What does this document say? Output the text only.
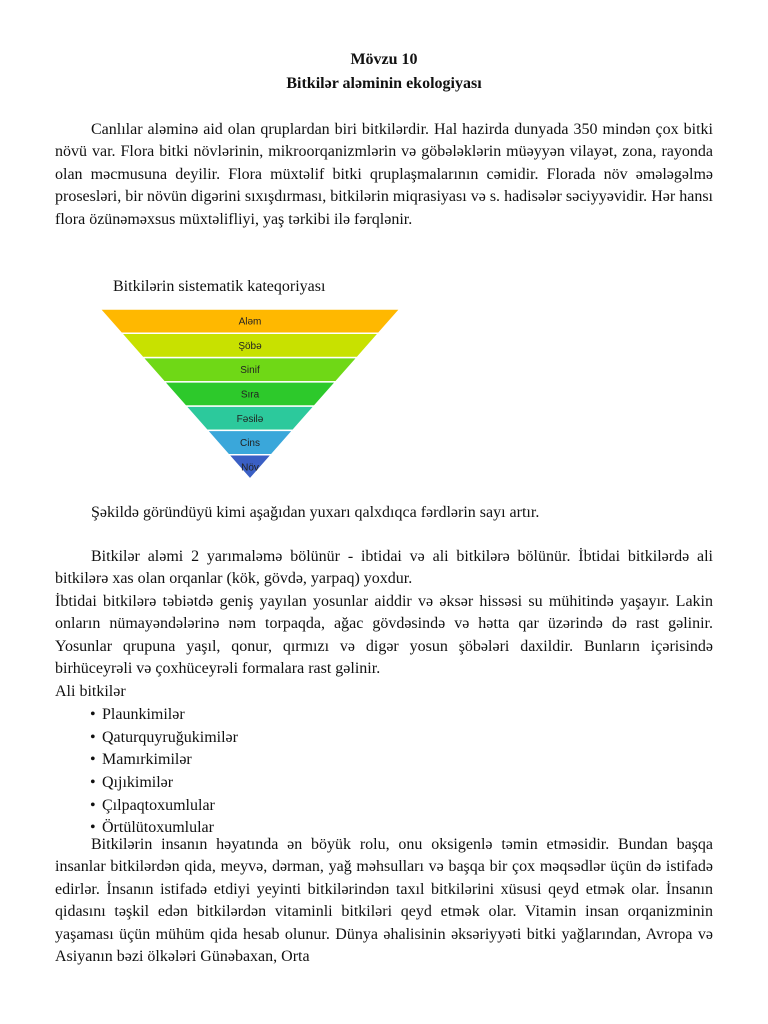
Mövzu 10
Bitkilər aləminin ekologiyası

Canlılar aləminə aid olan qruplardan biri bitkilərdir. Hal hazirda dunyada 350 mindən çox bitki növü var. Flora bitki növlərinin, mikroorqanizmlərin və göbələklərin müəyyən vilayət, zona, rayonda olan məcmusuna deyilir. Flora müxtəlif bitki qruplaşmalarının cəmidir. Florada növ əmələgəlmə prosesləri, bir növün digərini sıxışdırması, bitkilərin miqrasiyası və s. hadisələr səciyyəvidir. Hər hansı flora özünəməxsus müxtəlifliyi, yaş tərkibi ilə fərqlənir.

Bitkilərin sistematik kateqoriyası
Aləm
Şöbə
Sinif
Sıra
Fəsilə
Cins
Növ

Şəkildə göründüyü kimi aşağıdan yuxarı qalxdıqca fərdlərin sayı artır.

Bitkilər aləmi 2 yarımaləmə bölünür - ibtidai və ali bitkilərə bölünür. İbtidai bitkilərdə ali bitkilərə xas olan orqanlar (kök, gövdə, yarpaq) yoxdur.

İbtidai bitkilərə təbiətdə geniş yayılan yosunlar aiddir və əksər hissəsi su mühitində yaşayır. Lakin onların nümayəndələrinə nəm torpaqda, ağac gövdəsində və hətta qar üzərində də rast gəlinir. Yosunlar qrupuna yaşıl, qonur, qırmızı və digər yosun şöbələri daxildir. Bunların içərisində birhüceyrəli və çoxhüceyrəli formalara rast gəlinir.

Ali bitkilər
• Plaunkimilər
• Qaturquyruğukimilər
• Mamırkimilər
• Qıjıkimilər
• Çılpaqtoxumlular
• Örtülütoxumlular

Bitkilərin insanın həyatında ən böyük rolu, onu oksigenlə təmin etməsidir. Bundan başqa insanlar bitkilərdən qida, meyvə, dərman, yağ məhsulları və başqa bir çox məqsədlər üçün də istifadə edirlər. İnsanın istifadə etdiyi yeyinti bitkilərindən taxıl bitkilərini xüsusi qeyd etmək olar. İnsanın qidasını təşkil edən bitkilərdən vitaminli bitkiləri qeyd etmək olar. Vitamin insan orqanizminin yaşaması üçün mühüm qida hesab olunur. Dünya əhalisinin əksəriyyəti bitki yağlarından, Avropa və Asiyanın bəzi ölkələri Günəbaxan, Orta
